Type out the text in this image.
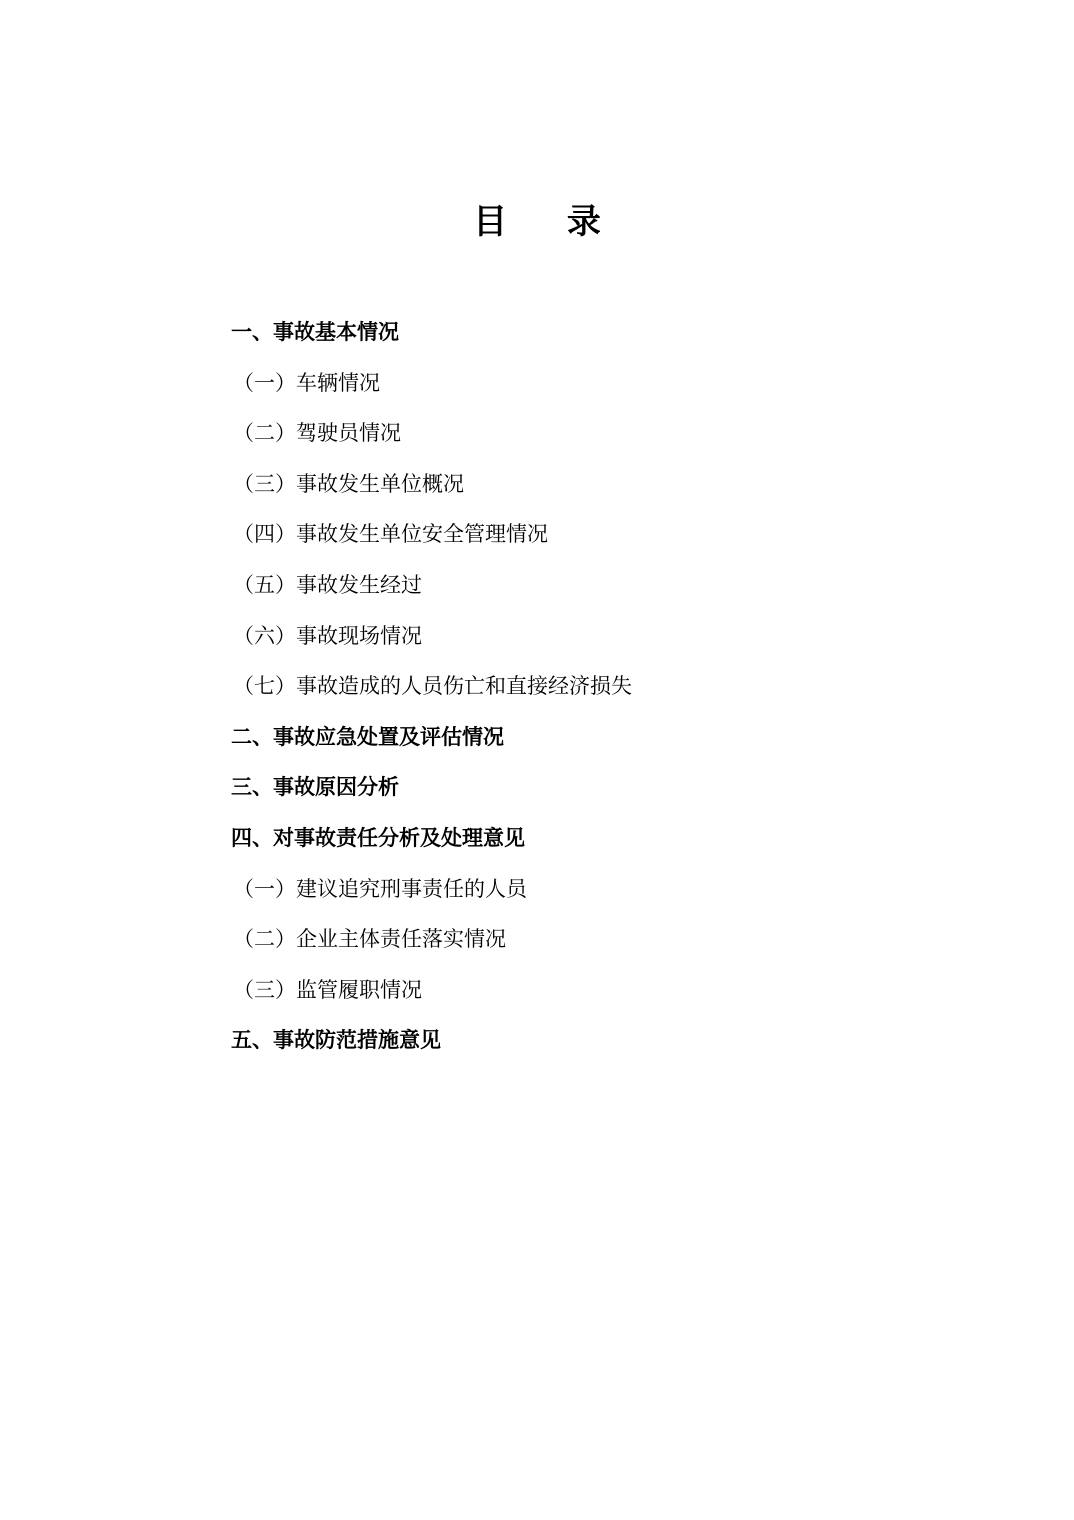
目 录
一、事故基本情况
（一）车辆情况
（二）驾驶员情况
（三）事故发生单位概况
（四）事故发生单位安全管理情况
（五）事故发生经过
（六）事故现场情况
（七）事故造成的人员伤亡和直接经济损失
二、事故应急处置及评估情况
三、事故原因分析
四、对事故责任分析及处理意见
（一）建议追究刑事责任的人员
（二）企业主体责任落实情况
（三）监管履职情况
五、事故防范措施意见
